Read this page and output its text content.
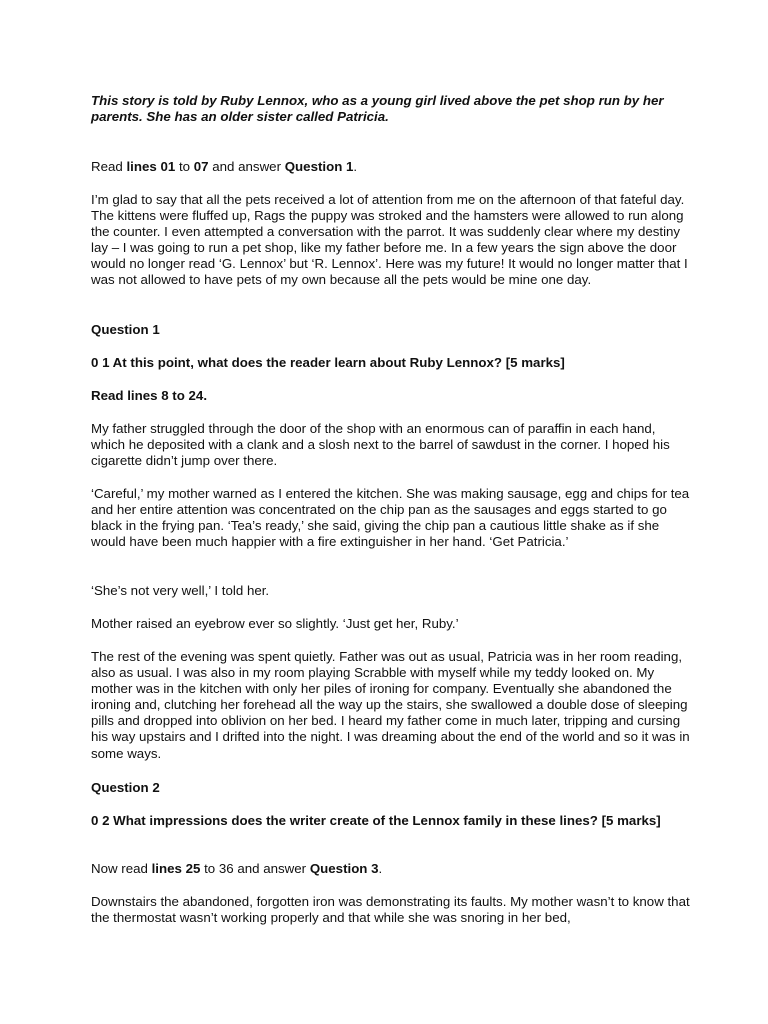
This story is told by Ruby Lennox, who as a young girl lived above the pet shop run by her parents. She has an older sister called Patricia.

Read lines 01 to 07 and answer Question 1.

I’m glad to say that all the pets received a lot of attention from me on the afternoon of that fateful day. The kittens were fluffed up, Rags the puppy was stroked and the hamsters were allowed to run along the counter. I even attempted a conversation with the parrot. It was suddenly clear where my destiny lay – I was going to run a pet shop, like my father before me. In a few years the sign above the door would no longer read ‘G. Lennox’ but ‘R. Lennox’. Here was my future! It would no longer matter that I was not allowed to have pets of my own because all the pets would be mine one day.

Question 1

0 1 At this point, what does the reader learn about Ruby Lennox? [5 marks]

Read lines 8 to 24.

My father struggled through the door of the shop with an enormous can of paraffin in each hand, which he deposited with a clank and a slosh next to the barrel of sawdust in the corner. I hoped his cigarette didn’t jump over there.

‘Careful,’ my mother warned as I entered the kitchen. She was making sausage, egg and chips for tea and her entire attention was concentrated on the chip pan as the sausages and eggs started to go black in the frying pan. ‘Tea’s ready,’ she said, giving the chip pan a cautious little shake as if she would have been much happier with a fire extinguisher in her hand. ‘Get Patricia.’

‘She’s not very well,’ I told her.

Mother raised an eyebrow ever so slightly. ‘Just get her, Ruby.’

The rest of the evening was spent quietly. Father was out as usual, Patricia was in her room reading, also as usual. I was also in my room playing Scrabble with myself while my teddy looked on. My mother was in the kitchen with only her piles of ironing for company. Eventually she abandoned the ironing and, clutching her forehead all the way up the stairs, she swallowed a double dose of sleeping pills and dropped into oblivion on her bed. I heard my father come in much later, tripping and cursing his way upstairs and I drifted into the night. I was dreaming about the end of the world and so it was in some ways.

Question 2

0 2 What impressions does the writer create of the Lennox family in these lines? [5 marks]

Now read lines 25 to 36 and answer Question 3.

Downstairs the abandoned, forgotten iron was demonstrating its faults. My mother wasn’t to know that the thermostat wasn’t working properly and that while she was snoring in her bed,
